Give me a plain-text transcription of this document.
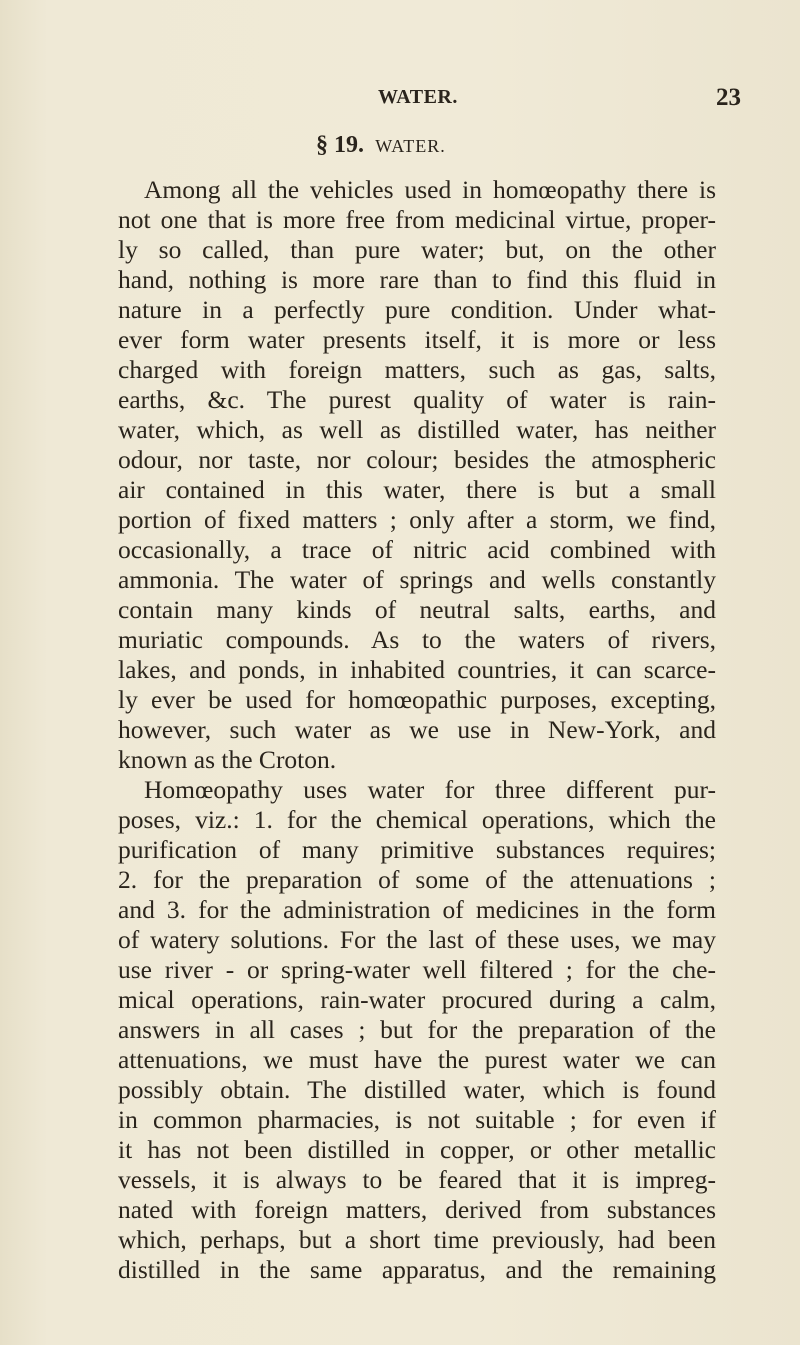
WATER.	23
§ 19. WATER.
Among all the vehicles used in homœopathy there is
not one that is more free from medicinal virtue, proper-
ly so called, than pure water; but, on the other
hand, nothing is more rare than to find this fluid in
nature in a perfectly pure condition. Under what-
ever form water presents itself, it is more or less
charged with foreign matters, such as gas, salts,
earths, &c. The purest quality of water is rain-
water, which, as well as distilled water, has neither
odour, nor taste, nor colour; besides the atmospheric
air contained in this water, there is but a small
portion of fixed matters ; only after a storm, we find,
occasionally, a trace of nitric acid combined with
ammonia. The water of springs and wells constantly
contain many kinds of neutral salts, earths, and
muriatic compounds. As to the waters of rivers,
lakes, and ponds, in inhabited countries, it can scarce-
ly ever be used for homœopathic purposes, excepting,
however, such water as we use in New-York, and
known as the Croton.
Homœopathy uses water for three different pur-
poses, viz.: 1. for the chemical operations, which the
purification of many primitive substances requires;
2. for the preparation of some of the attenuations ;
and 3. for the administration of medicines in the form
of watery solutions. For the last of these uses, we may
use river - or spring-water well filtered ; for the che-
mical operations, rain-water procured during a calm,
answers in all cases ; but for the preparation of the
attenuations, we must have the purest water we can
possibly obtain. The distilled water, which is found
in common pharmacies, is not suitable ; for even if
it has not been distilled in copper, or other metallic
vessels, it is always to be feared that it is impreg-
nated with foreign matters, derived from substances
which, perhaps, but a short time previously, had been
distilled in the same apparatus, and the remaining
